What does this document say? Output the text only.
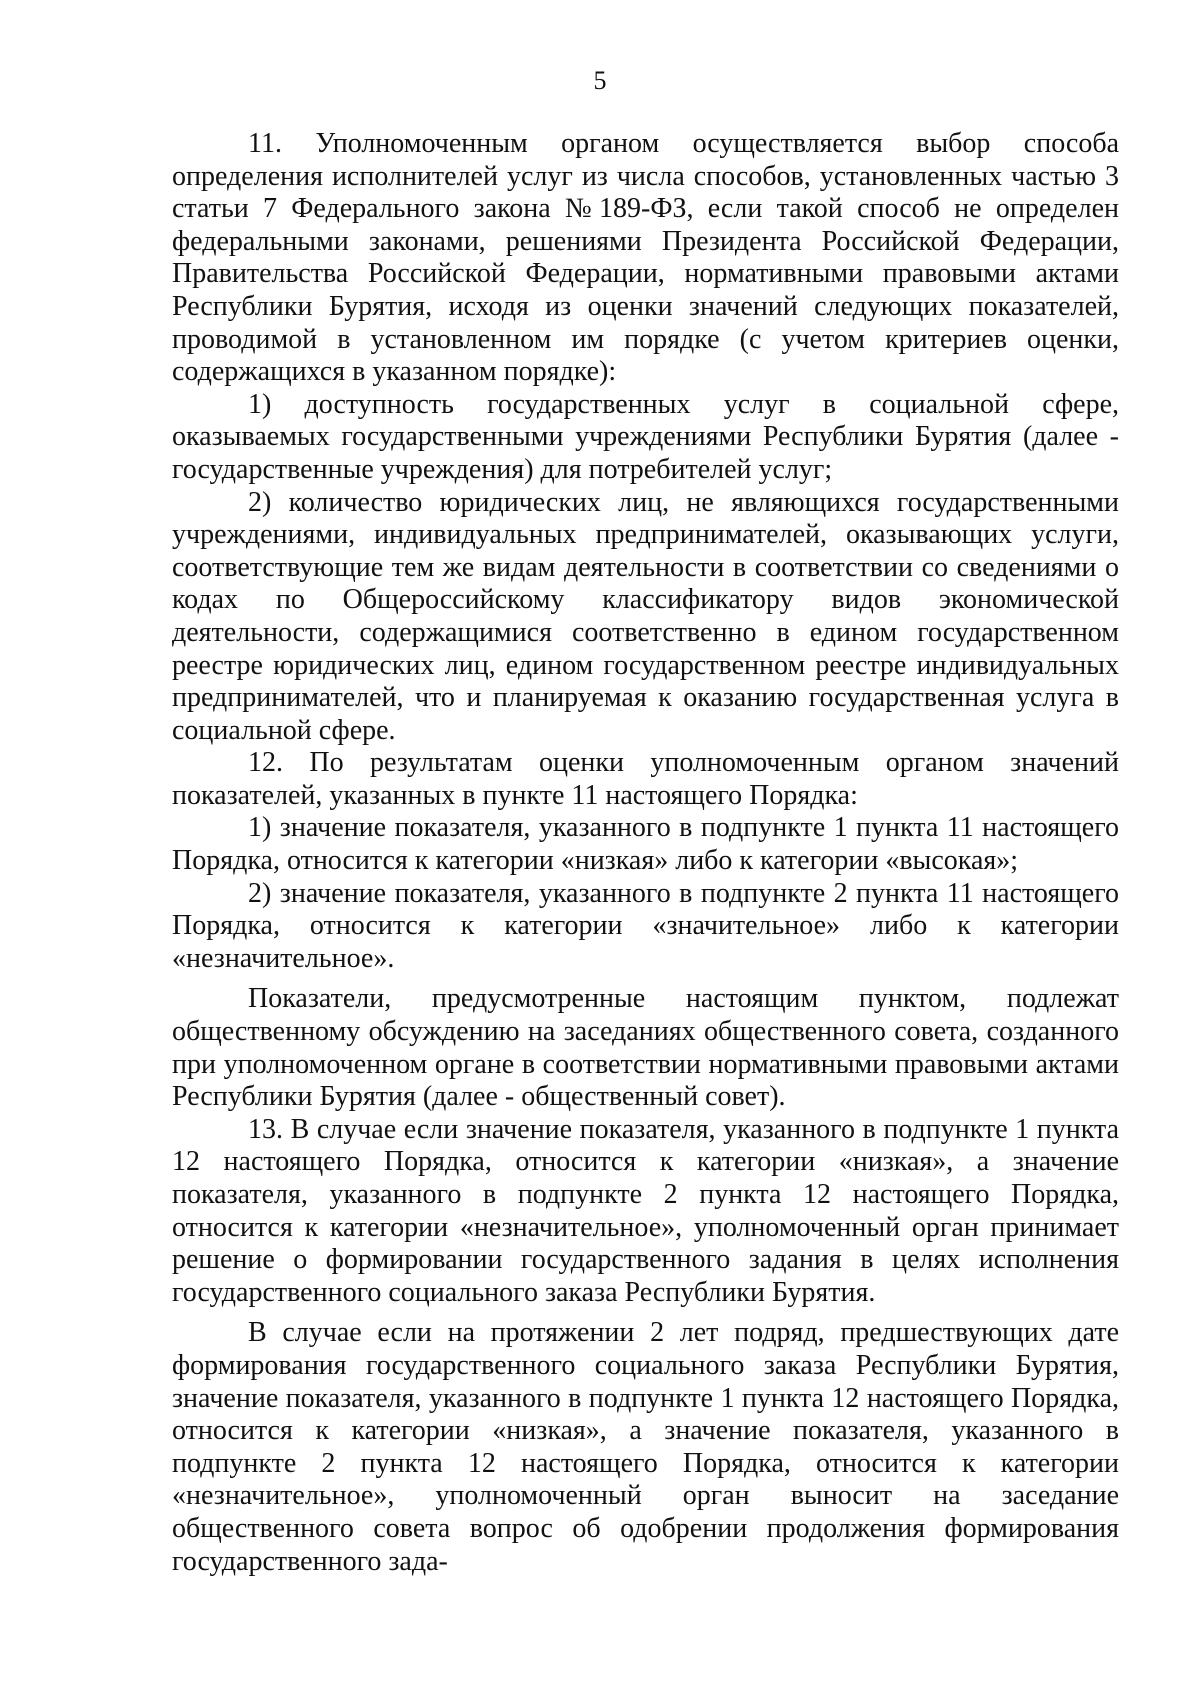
5

11. Уполномоченным органом осуществляется выбор способа определения исполнителей услуг из числа способов, установленных частью 3 статьи 7 Федерального закона №189-ФЗ, если такой способ не определен федеральными законами, решениями Президента Российской Федерации, Правительства Российской Федерации, нормативными правовыми актами Республики Бурятия, исходя из оценки значений следующих показателей, проводимой в установленном им порядке (с учетом критериев оценки, содержащихся в указанном порядке):

1) доступность государственных услуг в социальной сфере, оказываемых государственными учреждениями Республики Бурятия (далее - государственные учреждения) для потребителей услуг;

2) количество юридических лиц, не являющихся государственными учреждениями, индивидуальных предпринимателей, оказывающих услуги, соответствующие тем же видам деятельности в соответствии со сведениями о кодах по Общероссийскому классификатору видов экономической деятельности, содержащимися соответственно в едином государственном реестре юридических лиц, едином государственном реестре индивидуальных предпринимателей, что и планируемая к оказанию государственная услуга в социальной сфере.

12. По результатам оценки уполномоченным органом значений показателей, указанных в пункте 11 настоящего Порядка:

1) значение показателя, указанного в подпункте 1 пункта 11 настоящего Порядка, относится к категории «низкая» либо к категории «высокая»;

2) значение показателя, указанного в подпункте 2 пункта 11 настоящего Порядка, относится к категории «значительное» либо к категории «незначительное».

Показатели, предусмотренные настоящим пунктом, подлежат общественному обсуждению на заседаниях общественного совета, созданного при уполномоченном органе в соответствии нормативными правовыми актами Республики Бурятия (далее - общественный совет).

13. В случае если значение показателя, указанного в подпункте 1 пункта 12 настоящего Порядка, относится к категории «низкая», а значение показателя, указанного в подпункте 2 пункта 12 настоящего Порядка, относится к категории «незначительное», уполномоченный орган принимает решение о формировании государственного задания в целях исполнения государственного социального заказа Республики Бурятия.

В случае если на протяжении 2 лет подряд, предшествующих дате формирования государственного социального заказа Республики Бурятия, значение показателя, указанного в подпункте 1 пункта 12 настоящего Порядка, относится к категории «низкая», а значение показателя, указанного в подпункте 2 пункта 12 настоящего Порядка, относится к категории «незначительное», уполномоченный орган выносит на заседание общественного совета вопрос об одобрении продолжения формирования государственного зада-
